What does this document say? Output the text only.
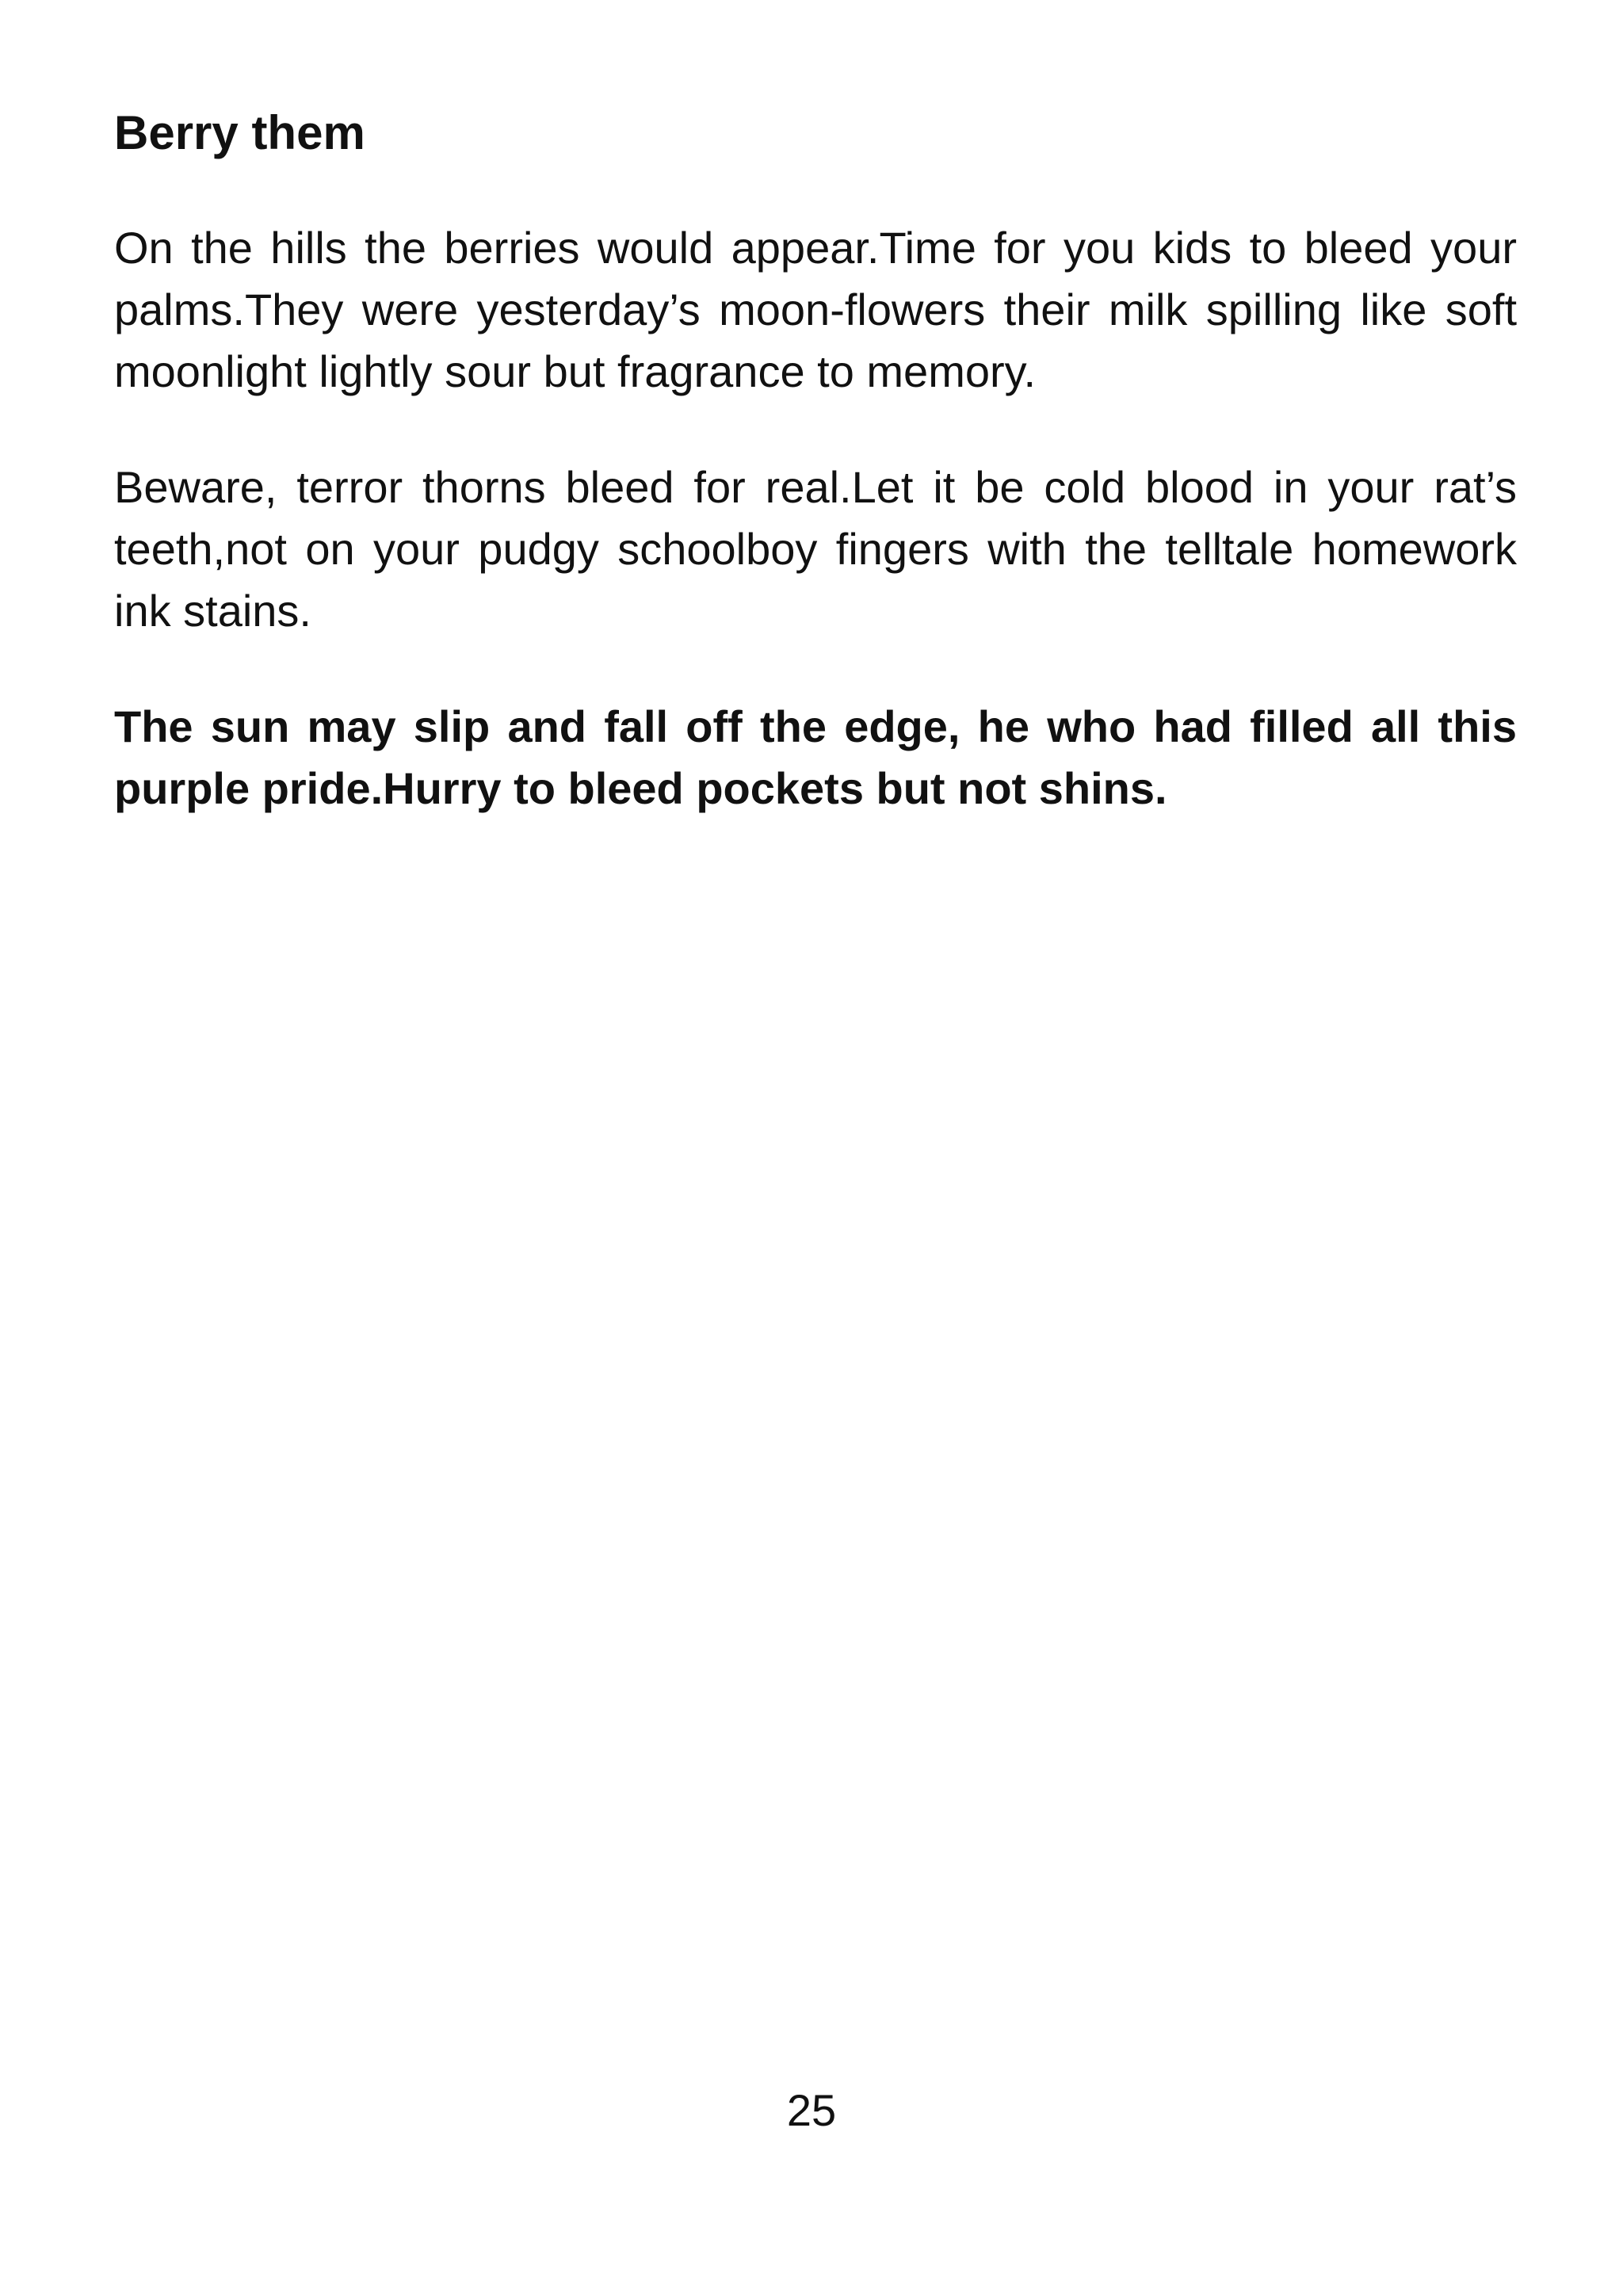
Berry them

On the hills the berries would appear.Time for you kids to bleed your palms.They were yesterday’s moon-flowers their milk spilling like soft moonlight lightly sour but fragrance to memory.

Beware, terror thorns bleed for real.Let it be cold blood in your rat’s teeth,not on your pudgy schoolboy fingers with the telltale homework ink stains.

The sun may slip and fall off the edge, he who had filled all this purple pride.Hurry to bleed pockets but not shins.

25
